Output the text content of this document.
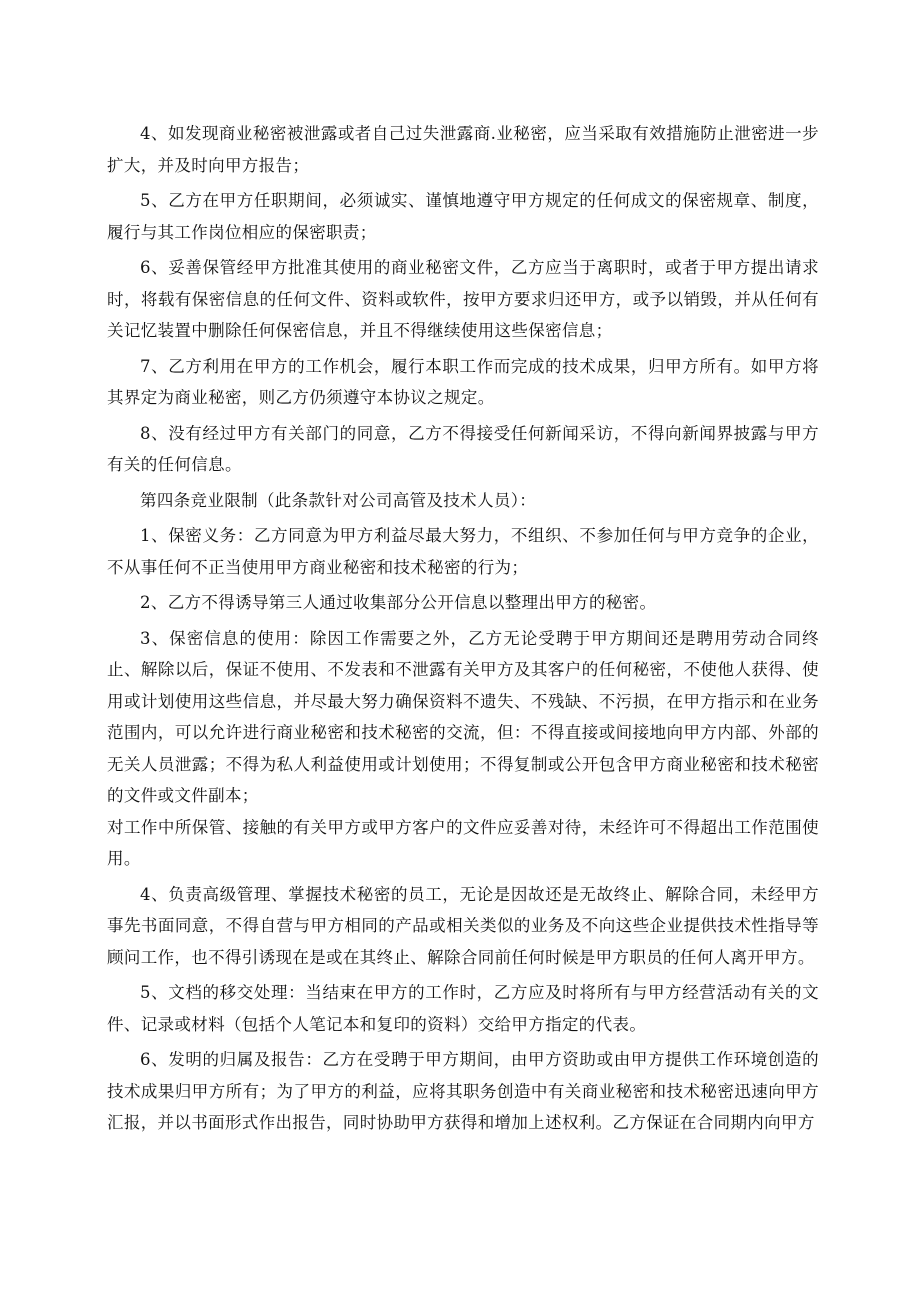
4、如发现商业秘密被泄露或者自己过失泄露商.业秘密，应当采取有效措施防止泄密进一步扩大，并及时向甲方报告；

5、乙方在甲方任职期间，必须诚实、谨慎地遵守甲方规定的任何成文的保密规章、制度，履行与其工作岗位相应的保密职责；

6、妥善保管经甲方批准其使用的商业秘密文件，乙方应当于离职时，或者于甲方提出请求时，将载有保密信息的任何文件、资料或软件，按甲方要求归还甲方，或予以销毁，并从任何有关记忆装置中删除任何保密信息，并且不得继续使用这些保密信息；

7、乙方利用在甲方的工作机会，履行本职工作而完成的技术成果，归甲方所有。如甲方将其界定为商业秘密，则乙方仍须遵守本协议之规定。

8、没有经过甲方有关部门的同意，乙方不得接受任何新闻采访，不得向新闻界披露与甲方有关的任何信息。

第四条竞业限制（此条款针对公司高管及技术人员）：

1、保密义务：乙方同意为甲方利益尽最大努力，不组织、不参加任何与甲方竞争的企业，不从事任何不正当使用甲方商业秘密和技术秘密的行为；

2、乙方不得诱导第三人通过收集部分公开信息以整理出甲方的秘密。

3、保密信息的使用：除因工作需要之外，乙方无论受聘于甲方期间还是聘用劳动合同终止、解除以后，保证不使用、不发表和不泄露有关甲方及其客户的任何秘密，不使他人获得、使用或计划使用这些信息，并尽最大努力确保资料不遗失、不残缺、不污损，在甲方指示和在业务范围内，可以允许进行商业秘密和技术秘密的交流，但：不得直接或间接地向甲方内部、外部的无关人员泄露；不得为私人利益使用或计划使用；不得复制或公开包含甲方商业秘密和技术秘密的文件或文件副本；

对工作中所保管、接触的有关甲方或甲方客户的文件应妥善对待，未经许可不得超出工作范围使用。

4、负责高级管理、掌握技术秘密的员工，无论是因故还是无故终止、解除合同，未经甲方事先书面同意，不得自营与甲方相同的产品或相关类似的业务及不向这些企业提供技术性指导等顾问工作，也不得引诱现在是或在其终止、解除合同前任何时候是甲方职员的任何人离开甲方。

5、文档的移交处理：当结束在甲方的工作时，乙方应及时将所有与甲方经营活动有关的文件、记录或材料（包括个人笔记本和复印的资料）交给甲方指定的代表。

6、发明的归属及报告：乙方在受聘于甲方期间，由甲方资助或由甲方提供工作环境创造的技术成果归甲方所有；为了甲方的利益，应将其职务创造中有关商业秘密和技术秘密迅速向甲方汇报，并以书面形式作出报告，同时协助甲方获得和增加上述权利。乙方保证在合同期内向甲方
